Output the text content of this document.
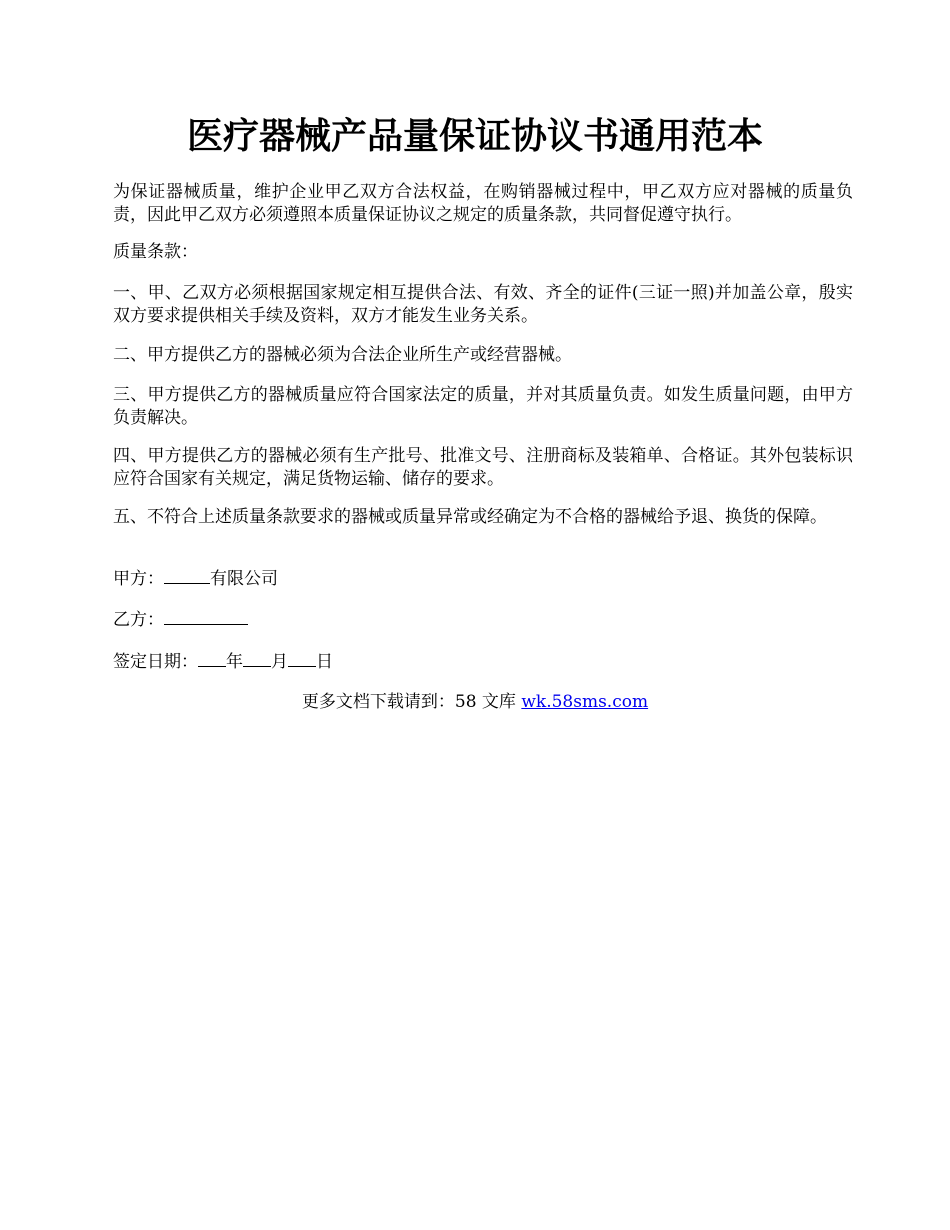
医疗器械产品量保证协议书通用范本

为保证器械质量，维护企业甲乙双方合法权益，在购销器械过程中，甲乙双方应对器械的质量负责，因此甲乙双方必须遵照本质量保证协议之规定的质量条款，共同督促遵守执行。

质量条款：

一、甲、乙双方必须根据国家规定相互提供合法、有效、齐全的证件(三证一照)并加盖公章，殷实双方要求提供相关手续及资料，双方才能发生业务关系。

二、甲方提供乙方的器械必须为合法企业所生产或经营器械。

三、甲方提供乙方的器械质量应符合国家法定的质量，并对其质量负责。如发生质量问题，由甲方负责解决。

四、甲方提供乙方的器械必须有生产批号、批准文号、注册商标及装箱单、合格证。其外包装标识应符合国家有关规定，满足货物运输、储存的要求。

五、不符合上述质量条款要求的器械或质量异常或经确定为不合格的器械给予退、换货的保障。

甲方：	有限公司

乙方：

签定日期： 年 月 日

更多文档下载请到：58 文库 wk.58sms.com
